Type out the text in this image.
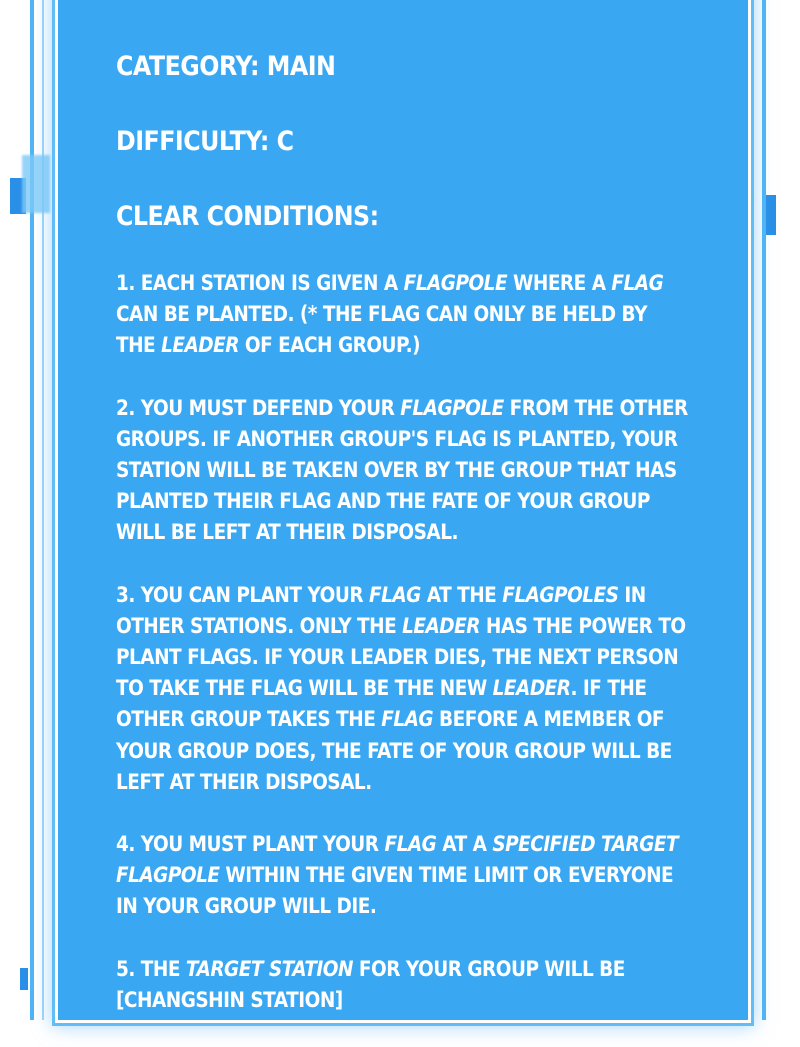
CATEGORY: MAIN
DIFFICULTY: C
CLEAR CONDITIONS:
1. EACH STATION IS GIVEN A FLAGPOLE WHERE A FLAG CAN BE PLANTED. (* THE FLAG CAN ONLY BE HELD BY THE LEADER OF EACH GROUP.)
2. YOU MUST DEFEND YOUR FLAGPOLE FROM THE OTHER GROUPS. IF ANOTHER GROUP'S FLAG IS PLANTED, YOUR STATION WILL BE TAKEN OVER BY THE GROUP THAT HAS PLANTED THEIR FLAG AND THE FATE OF YOUR GROUP WILL BE LEFT AT THEIR DISPOSAL.
3. YOU CAN PLANT YOUR FLAG AT THE FLAGPOLES IN OTHER STATIONS. ONLY THE LEADER HAS THE POWER TO PLANT FLAGS. IF YOUR LEADER DIES, THE NEXT PERSON TO TAKE THE FLAG WILL BE THE NEW LEADER. IF THE OTHER GROUP TAKES THE FLAG BEFORE A MEMBER OF YOUR GROUP DOES, THE FATE OF YOUR GROUP WILL BE LEFT AT THEIR DISPOSAL.
4. YOU MUST PLANT YOUR FLAG AT A SPECIFIED TARGET FLAGPOLE WITHIN THE GIVEN TIME LIMIT OR EVERYONE IN YOUR GROUP WILL DIE.
5. THE TARGET STATION FOR YOUR GROUP WILL BE [CHANGSHIN STATION]
